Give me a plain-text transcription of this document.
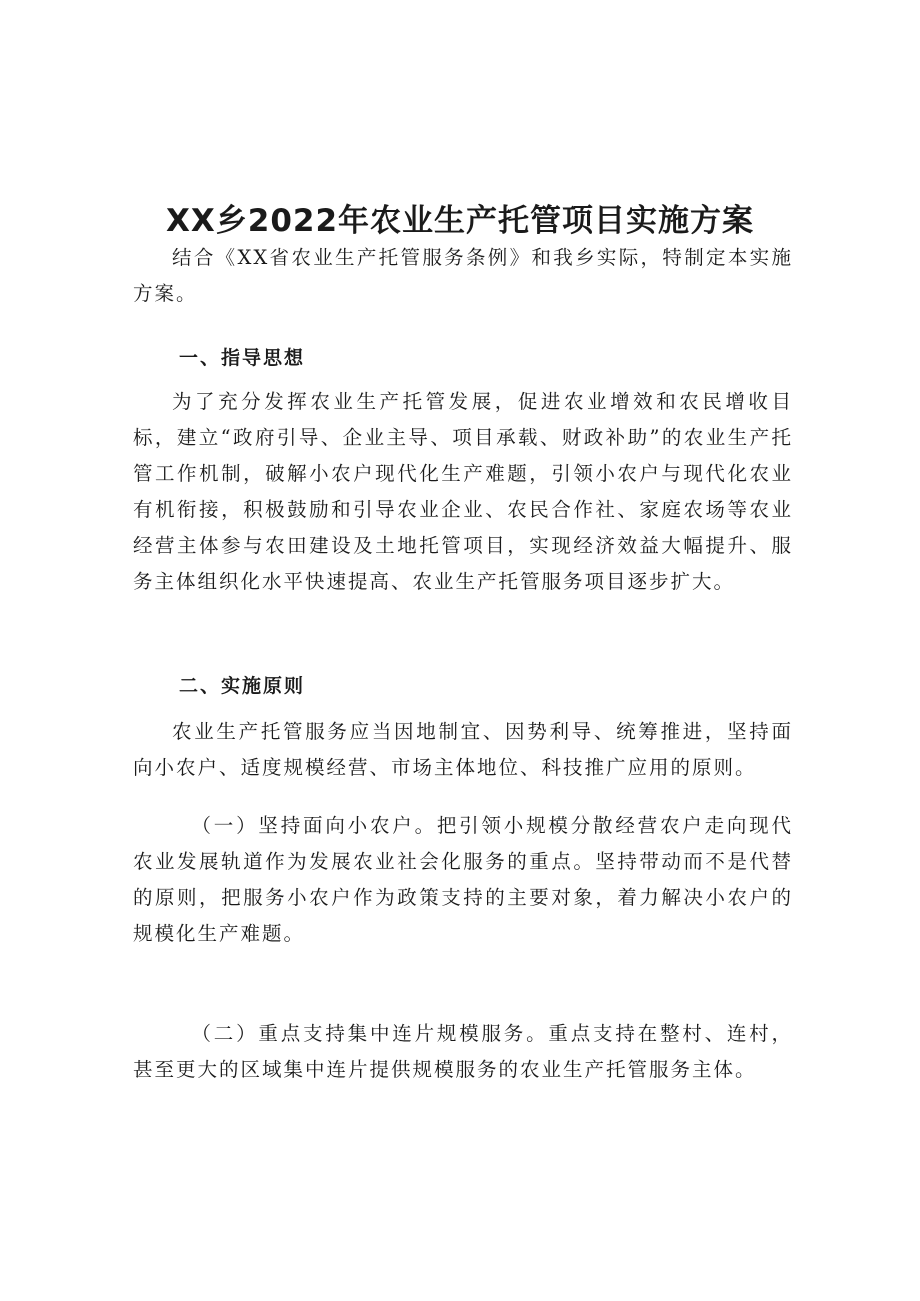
XX乡2022年农业生产托管项目实施方案

结合《XX省农业生产托管服务条例》和我乡实际，特制定本实施方案。

一、指导思想

为了充分发挥农业生产托管发展，促进农业增效和农民增收目标，建立“政府引导、企业主导、项目承载、财政补助”的农业生产托管工作机制，破解小农户现代化生产难题，引领小农户与现代化农业有机衔接，积极鼓励和引导农业企业、农民合作社、家庭农场等农业经营主体参与农田建设及土地托管项目，实现经济效益大幅提升、服务主体组织化水平快速提高、农业生产托管服务项目逐步扩大。

二、实施原则

农业生产托管服务应当因地制宜、因势利导、统筹推进，坚持面向小农户、适度规模经营、市场主体地位、科技推广应用的原则。

（一）坚持面向小农户。把引领小规模分散经营农户走向现代农业发展轨道作为发展农业社会化服务的重点。坚持带动而不是代替的原则，把服务小农户作为政策支持的主要对象，着力解决小农户的规模化生产难题。

（二）重点支持集中连片规模服务。重点支持在整村、连村，甚至更大的区域集中连片提供规模服务的农业生产托管服务主体。
